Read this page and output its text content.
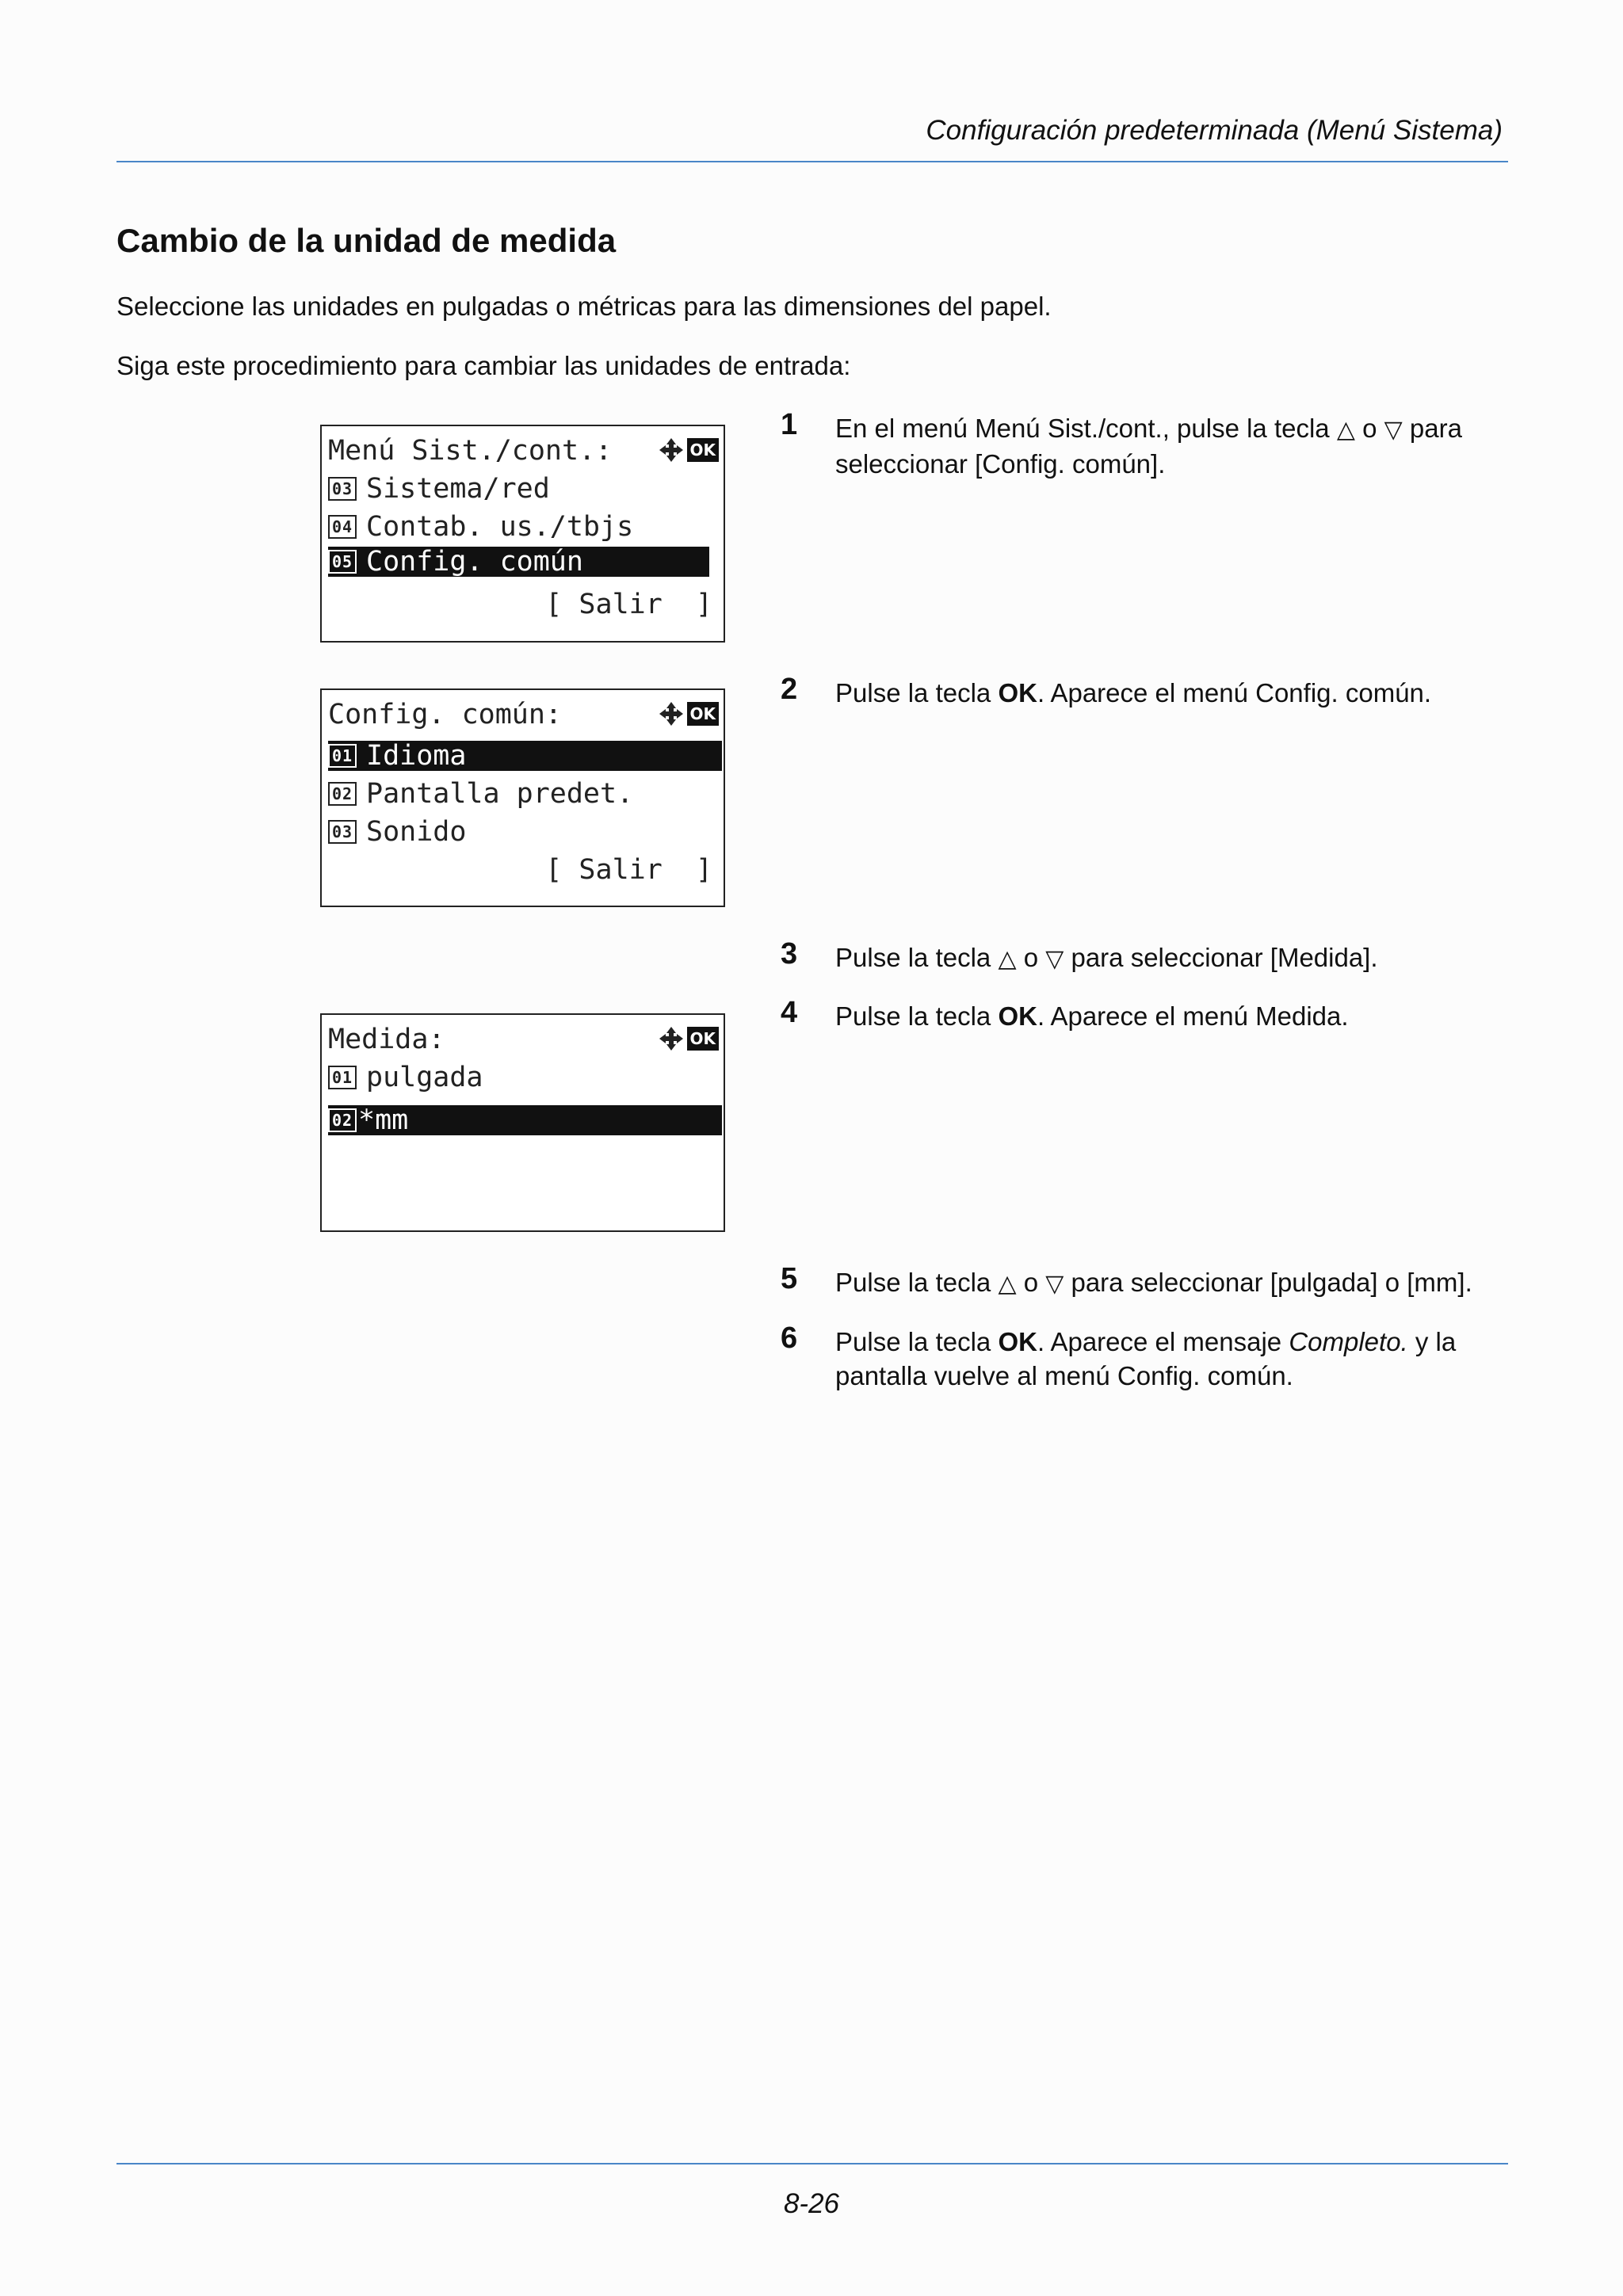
Configuración predeterminada (Menú Sistema)
Cambio de la unidad de medida
Seleccione las unidades en pulgadas o métricas para las dimensiones del papel.
Siga este procedimiento para cambiar las unidades de entrada:
Menú Sist./cont.:	OK
03 Sistema/red
04 Contab. us./tbjs
05 Config. común
[ Salir  ]
Config. común:	OK
01 Idioma
02 Pantalla predet.
03 Sonido
[ Salir  ]
Medida:	OK
01 pulgada
02 *mm
1 En el menú Menú Sist./cont., pulse la tecla △ o ▽ para seleccionar [Config. común].
2 Pulse la tecla OK. Aparece el menú Config. común.
3 Pulse la tecla △ o ▽ para seleccionar [Medida].
4 Pulse la tecla OK. Aparece el menú Medida.
5 Pulse la tecla △ o ▽ para seleccionar [pulgada] o [mm].
6 Pulse la tecla OK. Aparece el mensaje Completo. y la pantalla vuelve al menú Config. común.
8-26
